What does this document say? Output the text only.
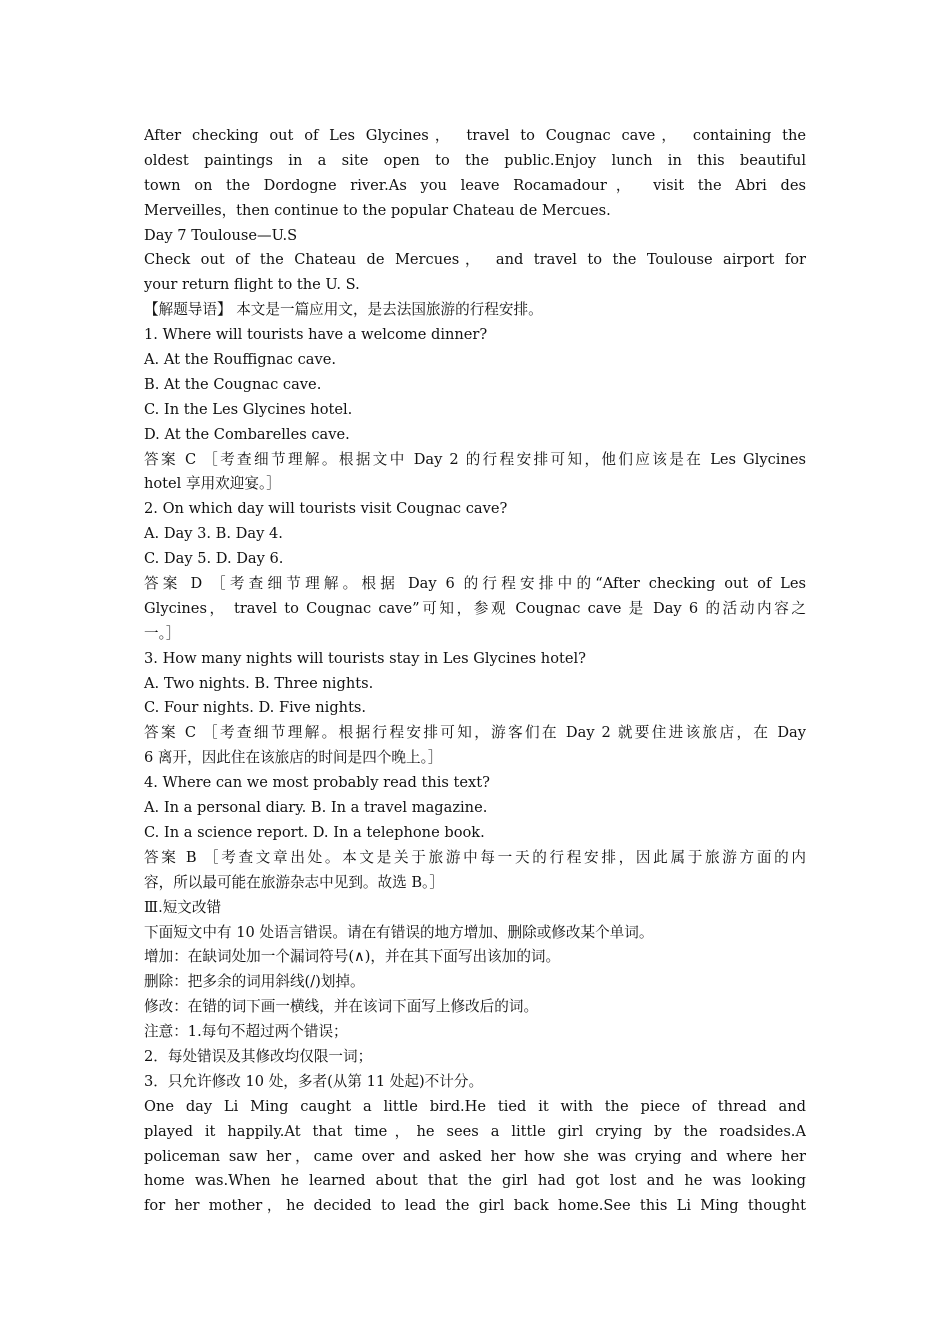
After checking out of Les Glycines， travel to Cougnac cave， containing the
oldest paintings in a site open to the public.Enjoy lunch in this beautiful
town on the Dordogne river.As you leave Rocamadour， visit the Abri des
Merveilles，then continue to the popular Chateau de Mercues.
Day 7 Toulouse—U.S
Check out of the Chateau de Mercues， and travel to the Toulouse airport for
your return flight to the U. S.
【解题导语】 本文是一篇应用文，是去法国旅游的行程安排。
1. Where will tourists have a welcome dinner?
A. At the Rouffignac cave.
B. At the Cougnac cave.
C. In the Les Glycines hotel.
D. At the Combarelles cave.
答案 C ［考查细节理解。根据文中 Day 2 的行程安排可知，他们应该是在 Les Glycines
hotel 享用欢迎宴。］
2. On which day will tourists visit Cougnac cave?
A. Day 3. B. Day 4.
C. Day 5. D. Day 6.
答案 D ［考查细节理解。根据 Day 6 的行程安排中的“After checking out of Les
Glycines， travel to Cougnac cave”可知，参观 Cougnac cave 是 Day 6 的活动内容之
一。］
3. How many nights will tourists stay in Les Glycines hotel?
A. Two nights. B. Three nights.
C. Four nights. D. Five nights.
答案 C ［考查细节理解。根据行程安排可知，游客们在 Day 2 就要住进该旅店，在 Day
6 离开，因此住在该旅店的时间是四个晚上。］
4. Where can we most probably read this text?
A. In a personal diary. B. In a travel magazine.
C. In a science report. D. In a telephone book.
答案 B ［考查文章出处。本文是关于旅游中每一天的行程安排，因此属于旅游方面的内
容，所以最可能在旅游杂志中见到。故选 B。］
Ⅲ.短文改错
下面短文中有 10 处语言错误。请在有错误的地方增加、删除或修改某个单词。
增加：在缺词处加一个漏词符号(∧)，并在其下面写出该加的词。
删除：把多余的词用斜线(/)划掉。
修改：在错的词下画一横线，并在该词下面写上修改后的词。
注意：1.每句不超过两个错误；
2．每处错误及其修改均仅限一词；
3．只允许修改 10 处，多者(从第 11 处起)不计分。
One day Li Ming caught a little bird.He tied it with the piece of thread and
played it happily.At that time，he sees a little girl crying by the roadsides.A
policeman saw her，came over and asked her how she was crying and where her
home was.When he learned about that the girl had got lost and he was looking
for her mother，he decided to lead the girl back home.See this Li Ming thought
